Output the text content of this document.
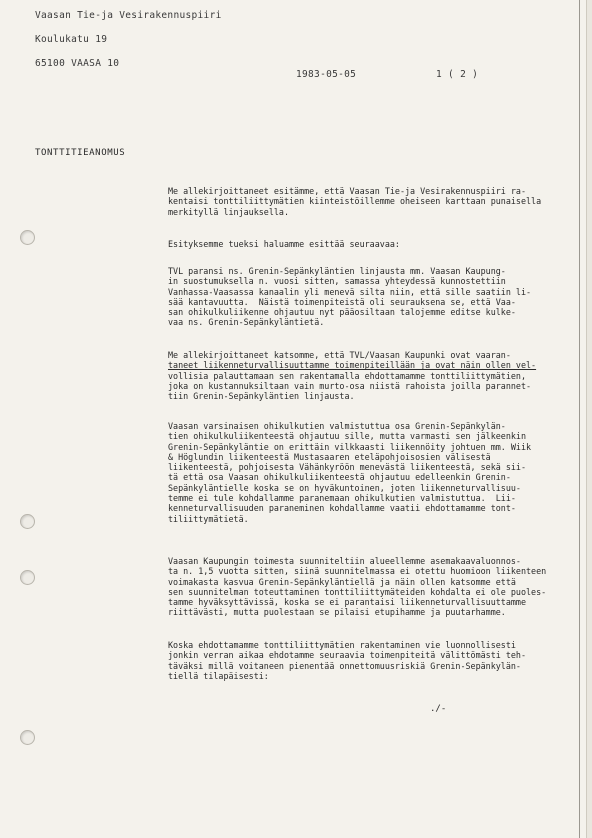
Vaasan Tie-ja Vesirakennuspiiri
Koulukatu 19
65100 VAASA 10
1983-05-05	1 ( 2 )
TONTTITIEANOMUS
Me allekirjoittaneet esitämme, että Vaasan Tie-ja Vesirakennuspiiri ra-
kentaisi tonttiliittymätien kiinteistöillemme oheiseen karttaan punaisella
merkityllä linjauksella.
Esityksemme tueksi haluamme esittää seuraavaa:
TVL paransi ns. Grenin-Sepänkyläntien linjausta mm. Vaasan Kaupung-
in suostumuksella n. vuosi sitten, samassa yhteydessä kunnostettiin
Vanhassa-Vaasassa kanaalin yli menevä silta niin, että sille saatiin li-
sää kantavuutta.  Näistä toimenpiteistä oli seurauksena se, että Vaa-
san ohikulkuliikenne ohjautuu nyt pääosiltaan talojemme editse kulke-
vaa ns. Grenin-Sepänkyläntietä.
Me allekirjoittaneet katsomme, että TVL/Vaasan Kaupunki ovat vaaran-
taneet liikenneturvallisuuttamme toimenpiteillään ja ovat näin ollen vel-
vollisia palauttamaan sen rakentamalla ehdottamamme tonttiliittymätien,
joka on kustannuksiltaan vain murto-osa niistä rahoista joilla parannet-
tiin Grenin-Sepänkyläntien linjausta.
Vaasan varsinaisen ohikulkutien valmistuttua osa Grenin-Sepänkylän-
tien ohikulkuliikenteestä ohjautuu sille, mutta varmasti sen jälkeenkin
Grenin-Sepänkyläntie on erittäin vilkkaasti liikennöity johtuen mm. Wiik
& Höglundin liikenteestä Mustasaaren eteläpohjoisosien välisestä
liikenteestä, pohjoisesta Vähänkyröön menevästä liikenteestä, sekä sii-
tä että osa Vaasan ohikulkuliikenteestä ohjautuu edelleenkin Grenin-
Sepänkyläntielle koska se on hyväkuntoinen, joten liikenneturvallisuu-
temme ei tule kohdallamme paranemaan ohikulkutien valmistuttua.  Lii-
kenneturvallisuuden paraneminen kohdallamme vaatii ehdottamamme tont-
tiliittymätietä.
Vaasan Kaupungin toimesta suunniteltiin alueellemme asemakaavaluonnos-
ta n. 1,5 vuotta sitten, siinä suunnitelmassa ei otettu huomioon liikenteen
voimakasta kasvua Grenin-Sepänkyläntiellä ja näin ollen katsomme että
sen suunnitelman toteuttaminen tonttiliittymäteiden kohdalta ei ole puoles-
tamme hyväksyttävissä, koska se ei parantaisi liikenneturvallisuuttamme
riittävästi, mutta puolestaan se pilaisi etupihamme ja puutarhamme.
Koska ehdottamamme tonttiliittymätien rakentaminen vie luonnollisesti
jonkin verran aikaa ehdotamme seuraavia toimenpiteitä välittömästi teh-
täväksi millä voitaneen pienentää onnettomuusriskiä Grenin-Sepänkylän-
tiellä tilapäisesti:
./-
